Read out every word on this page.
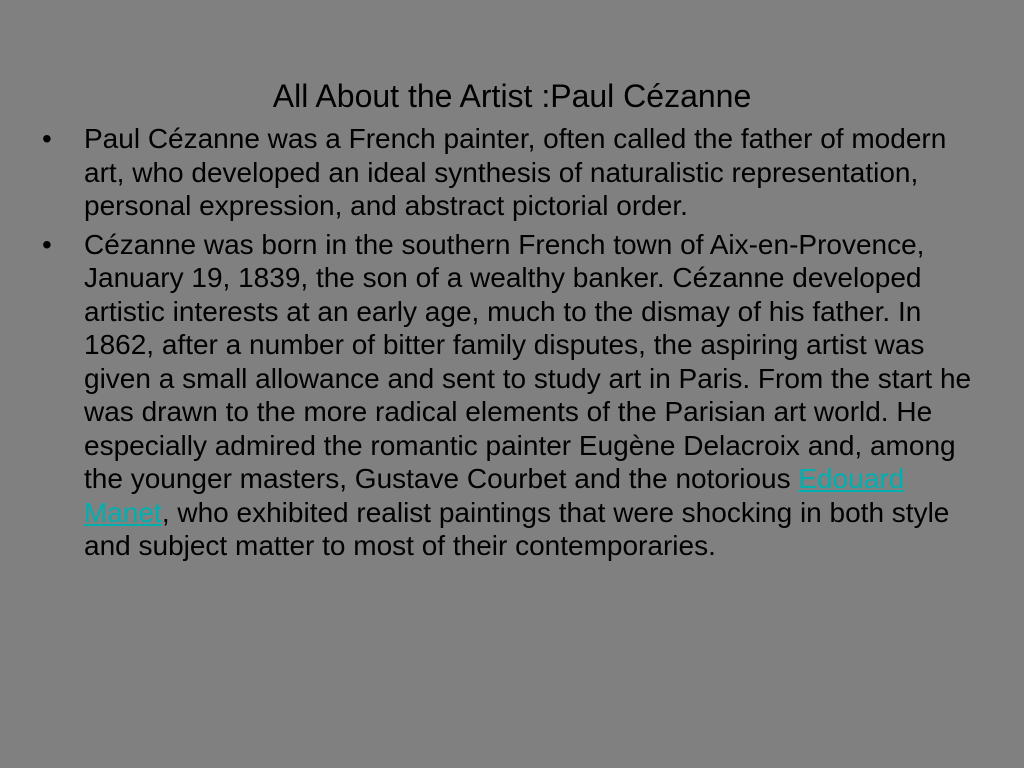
All About the Artist :Paul Cézanne
•	Paul Cézanne was a French painter, often called the father of modern art, who developed an ideal synthesis of naturalistic representation, personal expression, and abstract pictorial order.
•	Cézanne was born in the southern French town of Aix-en-Provence, January 19, 1839, the son of a wealthy banker. Cézanne developed artistic interests at an early age, much to the dismay of his father. In 1862, after a number of bitter family disputes, the aspiring artist was given a small allowance and sent to study art in Paris. From the start he was drawn to the more radical elements of the Parisian art world. He especially admired the romantic painter Eugène Delacroix and, among the younger masters, Gustave Courbet and the notorious Edouard Manet, who exhibited realist paintings that were shocking in both style and subject matter to most of their contemporaries.
